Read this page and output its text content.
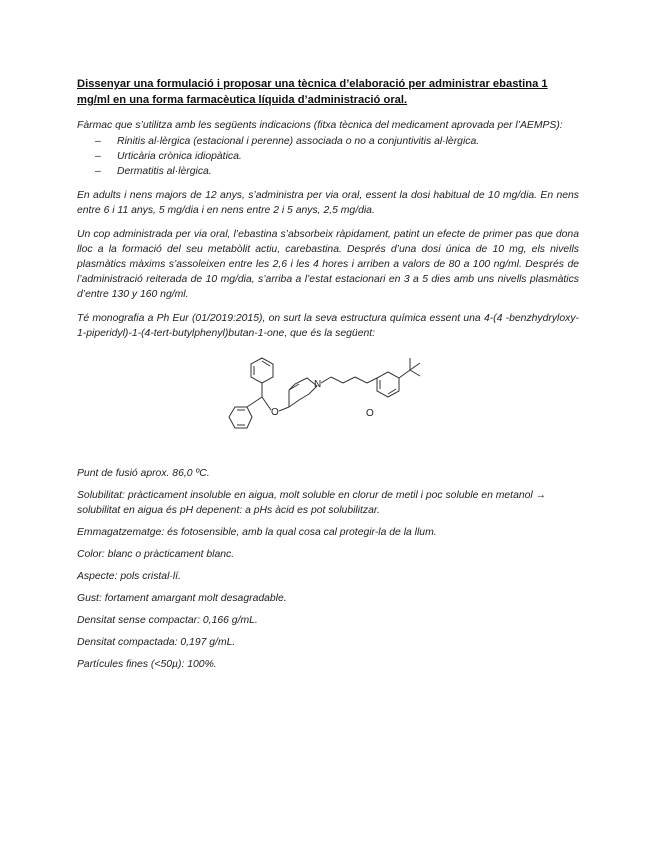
Dissenyar una formulació i proposar una tècnica d’elaboració per administrar ebastina 1 mg/ml en una forma farmacèutica líquida d’administració oral.

Fàrmac que s’utilitza amb les següents indicacions (fitxa tècnica del medicament aprovada per l’AEMPS):

– Rinitis al·lèrgica (estacional i perenne) associada o no a conjuntivitis al·lèrgica.
– Urticària crònica idiopàtica.
– Dermatitis al·lèrgica.

En adults i nens majors de 12 anys, s’administra per via oral, essent la dosi habitual de 10 mg/dia. En nens entre 6 i 11 anys, 5 mg/dia i en nens entre 2 i 5 anys, 2,5 mg/dia.

Un cop administrada per via oral, l’ebastina s’absorbeix ràpidament, patint un efecte de primer pas que dona lloc a la formació del seu metabòlit actiu, carebastina. Després d’una dosi única de 10 mg, els nivells plasmàtics màxims s’assoleixen entre les 2,6 i les 4 hores i arriben a valors de 80 a 100 ng/ml. Després de l’administració reiterada de 10 mg/dia, s’arriba a l’estat estacionari en 3 a 5 dies amb uns nivells plasmàtics d’entre 130 y 160 ng/ml.

Té monografia a Ph Eur (01/2019:2015), on surt la seva estructura química essent una 4-(4 -benzhydryloxy-1-piperidyl)-1-(4-tert-butylphenyl)butan-1-one, que és la següent:

O
N
O

Punt de fusió aprox. 86,0 ºC.

Solubilitat: pràcticament insoluble en aigua, molt soluble en clorur de metil i poc soluble en metanol → solubilitat en aigua és pH depenent: a pHs àcid es pot solubilitzar.

Emmagatzematge: és fotosensible, amb la qual cosa cal protegir-la de la llum.

Color: blanc o pràcticament blanc.

Aspecte: pols cristal·lí.

Gust: fortament amargant molt desagradable.

Densitat sense compactar: 0,166 g/mL.

Densitat compactada: 0,197 g/mL.

Partícules fines (<50µ): 100%.
